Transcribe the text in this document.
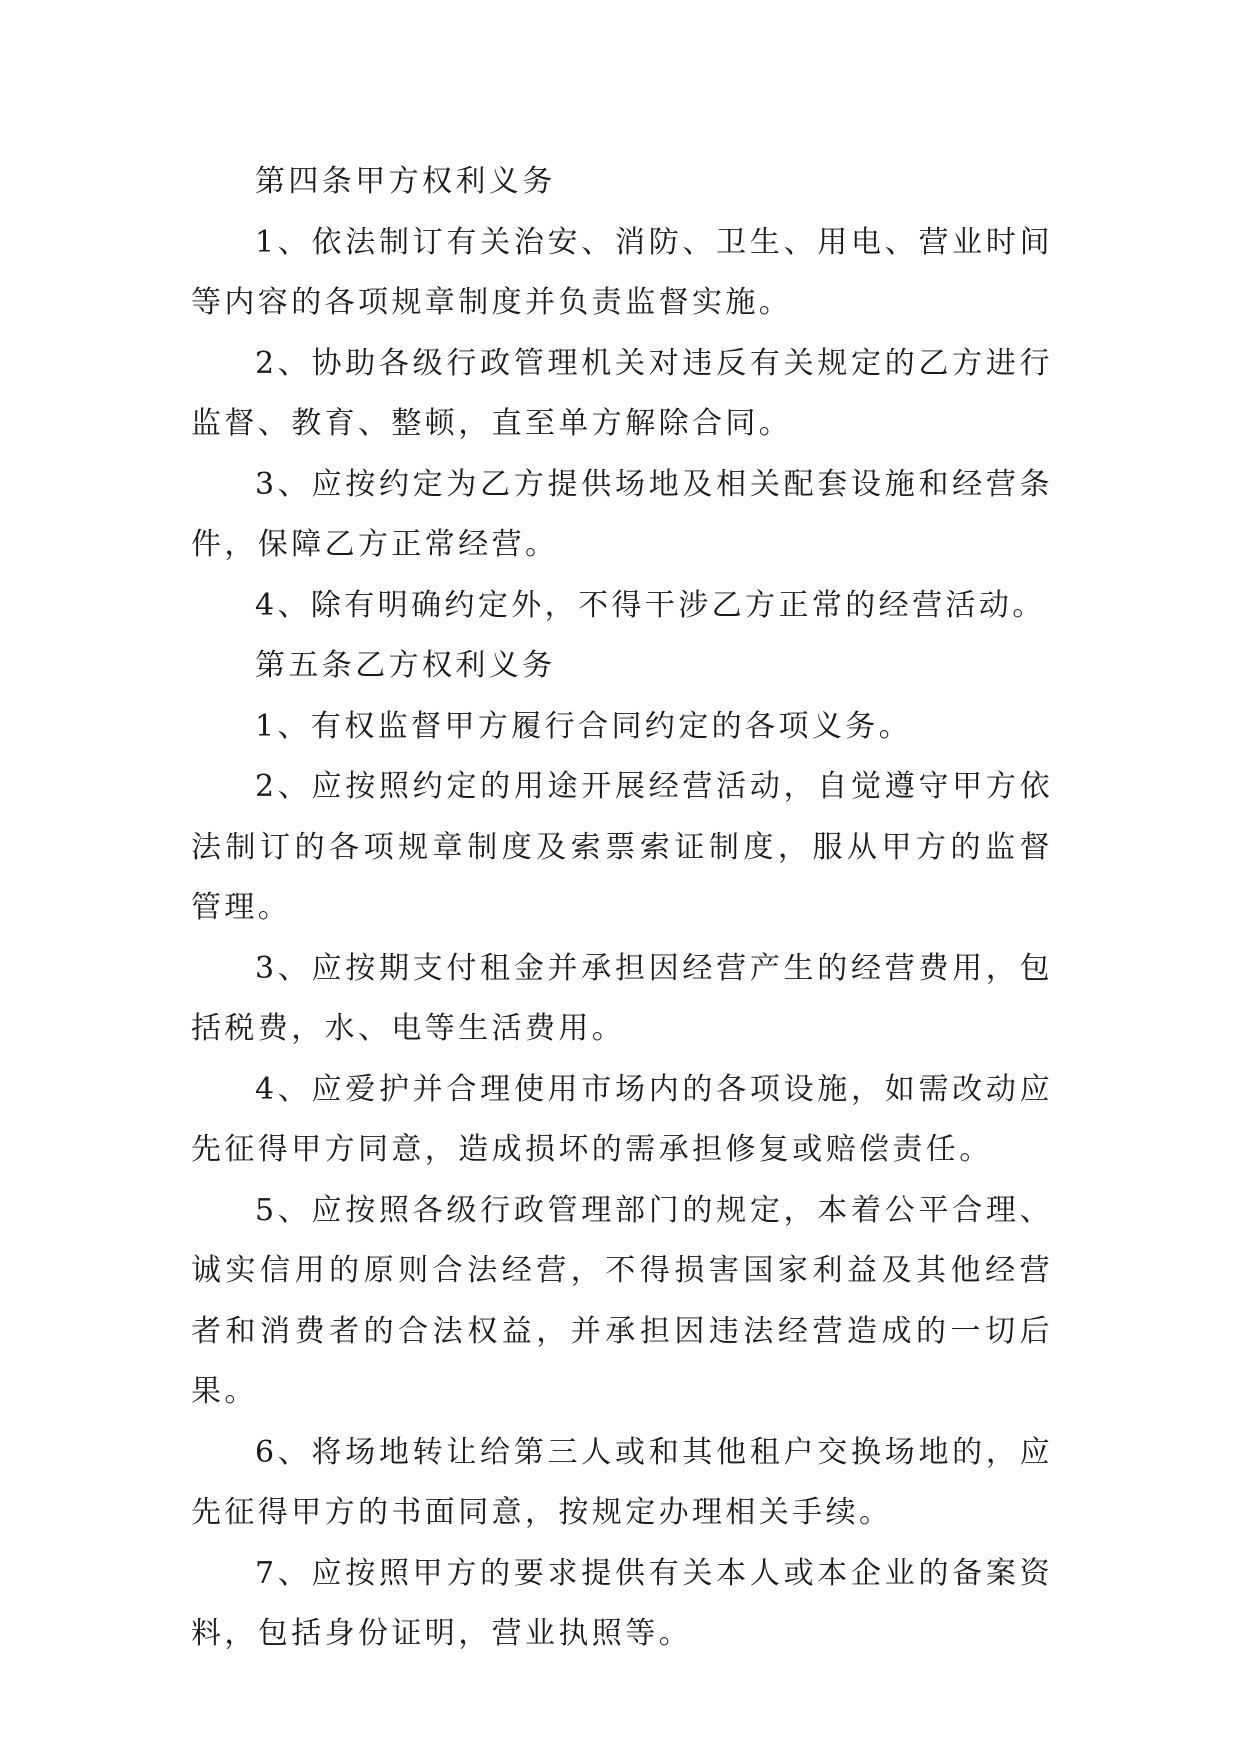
第四条甲方权利义务

1、依法制订有关治安、消防、卫生、用电、营业时间等内容的各项规章制度并负责监督实施。

2、协助各级行政管理机关对违反有关规定的乙方进行监督、教育、整顿，直至单方解除合同。

3、应按约定为乙方提供场地及相关配套设施和经营条件，保障乙方正常经营。

4、除有明确约定外，不得干涉乙方正常的经营活动。

第五条乙方权利义务

1、有权监督甲方履行合同约定的各项义务。

2、应按照约定的用途开展经营活动，自觉遵守甲方依法制订的各项规章制度及索票索证制度，服从甲方的监督管理。

3、应按期支付租金并承担因经营产生的经营费用，包括税费，水、电等生活费用。

4、应爱护并合理使用市场内的各项设施，如需改动应先征得甲方同意，造成损坏的需承担修复或赔偿责任。

5、应按照各级行政管理部门的规定，本着公平合理、诚实信用的原则合法经营，不得损害国家利益及其他经营者和消费者的合法权益，并承担因违法经营造成的一切后果。

6、将场地转让给第三人或和其他租户交换场地的，应先征得甲方的书面同意，按规定办理相关手续。

7、应按照甲方的要求提供有关本人或本企业的备案资料，包括身份证明，营业执照等。
